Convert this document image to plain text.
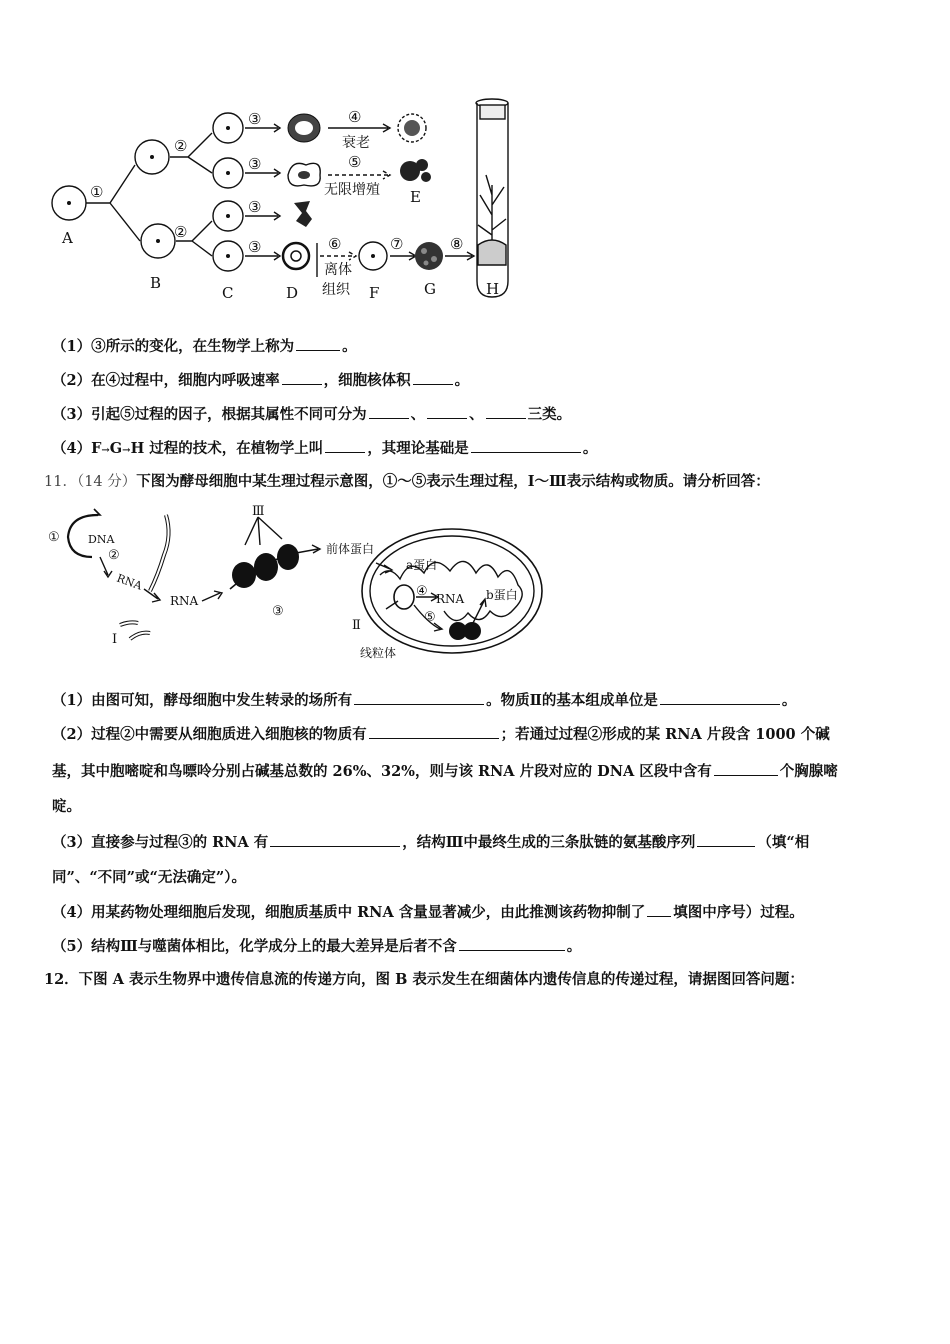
A
B
C	D
E
F	G	H
①
②
②
③
③
③
③
④
⑤
⑥	⑦	⑧
衰老
无限增殖
离体
组织
（1）③所示的变化，在生物学上称为	。
（2）在④过程中，细胞内呼吸速率	，细胞核体积	。
（3）引起⑤过程的因子，根据其属性不同可分为	、	、	三类。
（4）F→G→H 过程的技术，在植物学上叫	，其理论基础是	。
11．（14 分）下图为酵母细胞中某生理过程示意图，①～⑤表示生理过程，Ⅰ～Ⅲ表示结构或物质。请分析回答：
①	DNA
②
RNA
RNA
Ⅰ
Ⅲ
③
前体蛋白
a蛋白
④ RNA b蛋白
⑤
Ⅱ
线粒体
（1）由图可知，酵母细胞中发生转录的场所有	。物质Ⅱ的基本组成单位是	。
（2）过程②中需要从细胞质进入细胞核的物质有	；若通过过程②形成的某 RNA 片段含 1000 个碱
基，其中胞嘧啶和鸟嘌呤分别占碱基总数的 26%、32%，则与该 RNA 片段对应的 DNA 区段中含有	个胸腺嘧
啶。
（3）直接参与过程③的 RNA 有	，结构Ⅲ中最终生成的三条肽链的氨基酸序列	（填“相
同”、“不同”或“无法确定”）。
（4）用某药物处理细胞后发现，细胞质基质中 RNA 含量显著减少，由此推测该药物抑制了 填图中序号）过程。
（5）结构Ⅲ与噬菌体相比，化学成分上的最大差异是后者不含	。
12．下图 A 表示生物界中遗传信息流的传递方向，图 B 表示发生在细菌体内遗传信息的传递过程，请据图回答问题：
